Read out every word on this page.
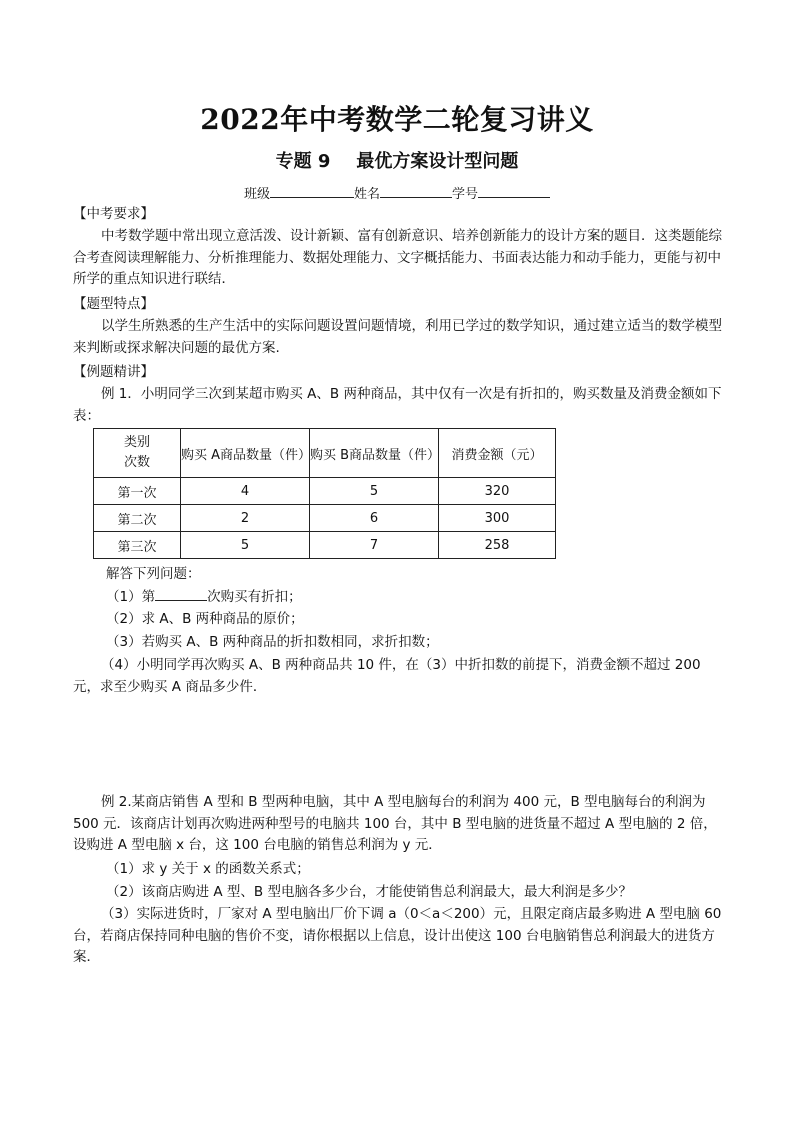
2022年中考数学二轮复习讲义
专题 9 最优方案设计型问题
班级	姓名	学号
【中考要求】
中考数学题中常出现立意活泼、设计新颖、富有创新意识、培养创新能力的设计方案的题目．这类题能综合考查阅读理解能力、分析推理能力、数据处理能力、文字概括能力、书面表达能力和动手能力，更能与初中所学的重点知识进行联结．
【题型特点】
以学生所熟悉的生产生活中的实际问题设置问题情境，利用已学过的数学知识，通过建立适当的数学模型来判断或探求解决问题的最优方案.
【例题精讲】
例 1．小明同学三次到某超市购买 A、B 两种商品，其中仅有一次是有折扣的，购买数量及消费金额如下表：
类别
次数	购买 A商品数量（件）	购买 B商品数量（件）	消费金额（元）
第一次	4	5	320
第二次	2	6	300
第三次	5	7	258
解答下列问题：
（1）第	次购买有折扣；
（2）求 A、B 两种商品的原价；
（3）若购买 A、B 两种商品的折扣数相同，求折扣数；
（4）小明同学再次购买 A、B 两种商品共 10 件，在（3）中折扣数的前提下，消费金额不超过 200 元，求至少购买 A 商品多少件．
例 2.某商店销售 A 型和 B 型两种电脑，其中 A 型电脑每台的利润为 400 元，B 型电脑每台的利润为 500 元．该商店计划再次购进两种型号的电脑共 100 台，其中 B 型电脑的进货量不超过 A 型电脑的 2 倍，设购进 A 型电脑 x 台，这 100 台电脑的销售总利润为 y 元．
（1）求 y 关于 x 的函数关系式；
（2）该商店购进 A 型、B 型电脑各多少台，才能使销售总利润最大，最大利润是多少？
（3）实际进货时，厂家对 A 型电脑出厂价下调 a（0＜a＜200）元，且限定商店最多购进 A 型电脑 60 台，若商店保持同种电脑的售价不变，请你根据以上信息，设计出使这 100 台电脑销售总利润最大的进货方案．
